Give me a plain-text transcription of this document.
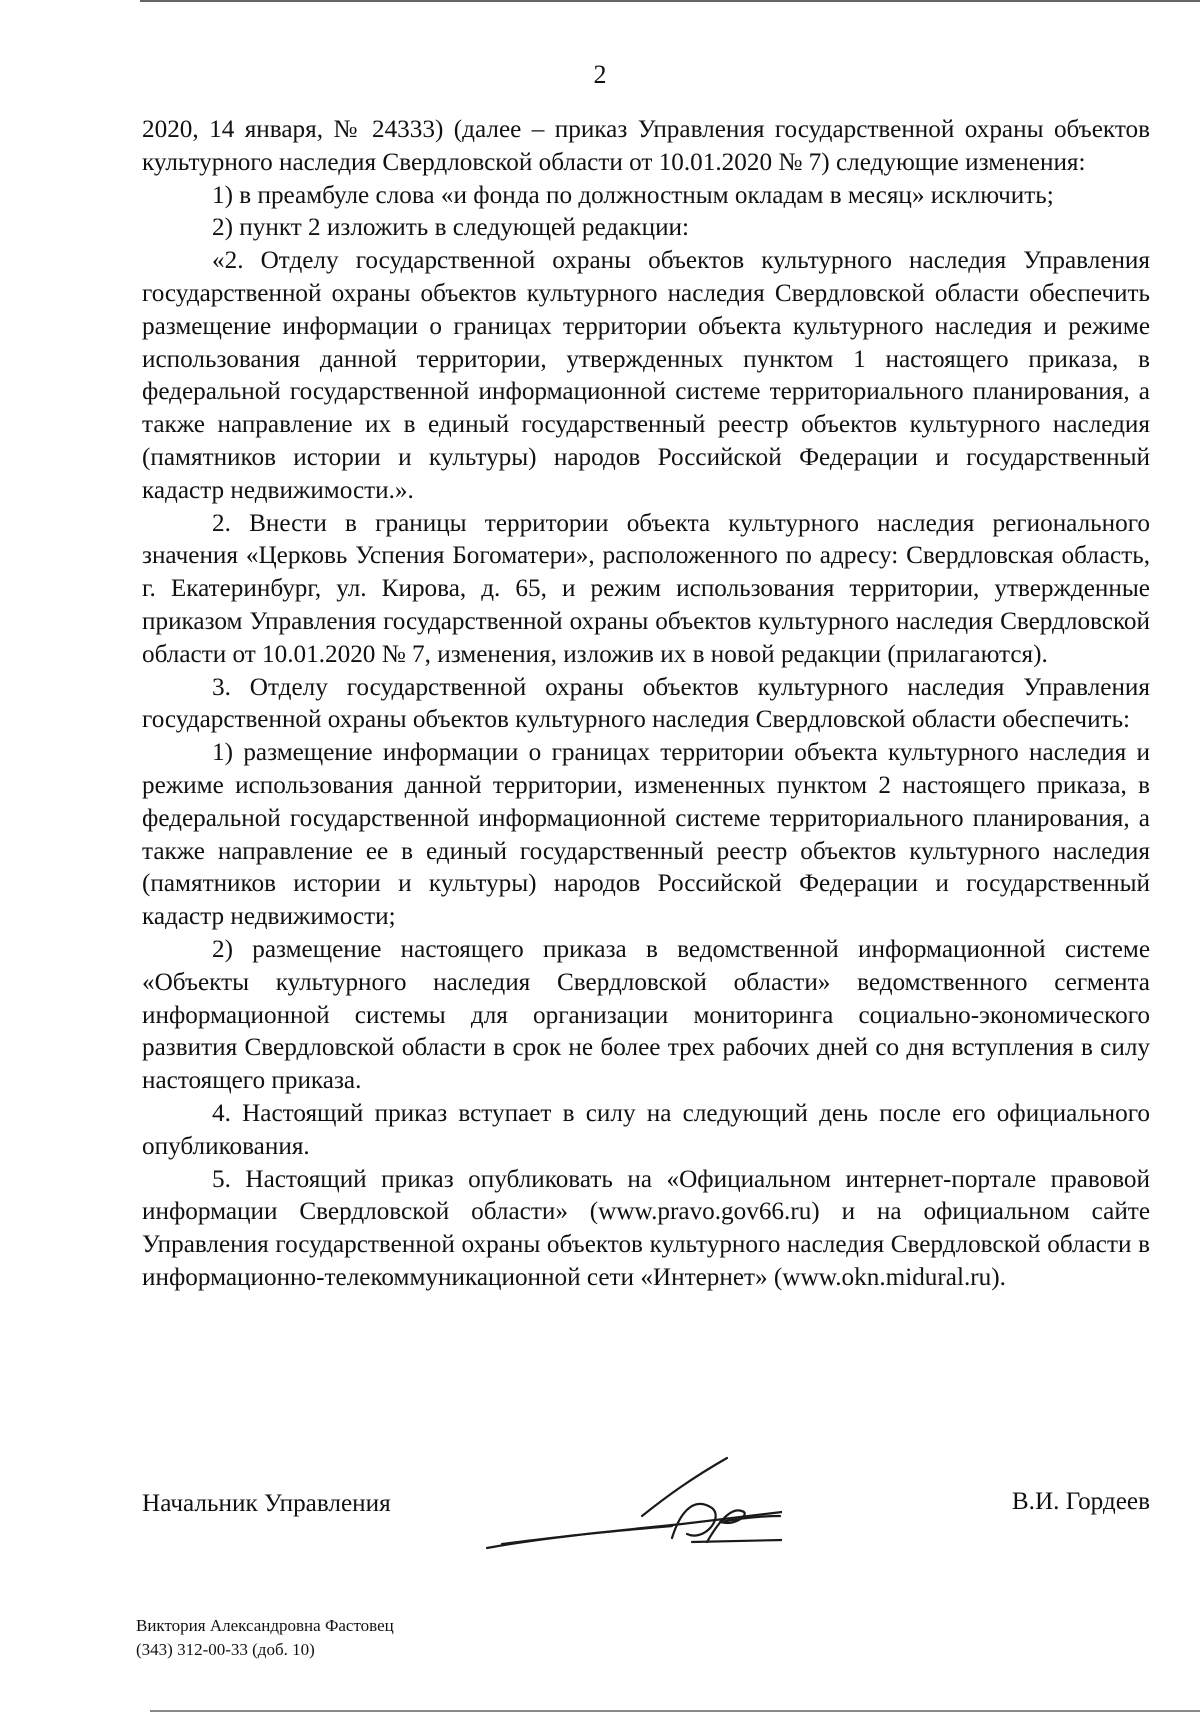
2

2020, 14 января, № 24333) (далее – приказ Управления государственной охраны объектов культурного наследия Свердловской области от 10.01.2020 № 7) следующие изменения:

1) в преамбуле слова «и фонда по должностным окладам в месяц» исключить;

2) пункт 2 изложить в следующей редакции:

«2. Отделу государственной охраны объектов культурного наследия Управления государственной охраны объектов культурного наследия Свердловской области обеспечить размещение информации о границах территории объекта культурного наследия и режиме использования данной территории, утвержденных пунктом 1 настоящего приказа, в федеральной государственной информационной системе территориального планирования, а также направление их в единый государственный реестр объектов культурного наследия (памятников истории и культуры) народов Российской Федерации и государственный кадастр недвижимости.».

2. Внести в границы территории объекта культурного наследия регионального значения «Церковь Успения Богоматери», расположенного по адресу: Свердловская область, г. Екатеринбург, ул. Кирова, д. 65, и режим использования территории, утвержденные приказом Управления государственной охраны объектов культурного наследия Свердловской области от 10.01.2020 № 7, изменения, изложив их в новой редакции (прилагаются).

3. Отделу государственной охраны объектов культурного наследия Управления государственной охраны объектов культурного наследия Свердловской области обеспечить:

1) размещение информации о границах территории объекта культурного наследия и режиме использования данной территории, измененных пунктом 2 настоящего приказа, в федеральной государственной информационной системе территориального планирования, а также направление ее в единый государственный реестр объектов культурного наследия (памятников истории и культуры) народов Российской Федерации и государственный кадастр недвижимости;

2) размещение настоящего приказа в ведомственной информационной системе «Объекты культурного наследия Свердловской области» ведомственного сегмента информационной системы для организации мониторинга социально-экономического развития Свердловской области в срок не более трех рабочих дней со дня вступления в силу настоящего приказа.

4. Настоящий приказ вступает в силу на следующий день после его официального опубликования.

5. Настоящий приказ опубликовать на «Официальном интернет-портале правовой информации Свердловской области» (www.pravo.gov66.ru) и на официальном сайте Управления государственной охраны объектов культурного наследия Свердловской области в информационно-телекоммуникационной сети «Интернет» (www.okn.midural.ru).

Начальник Управления	В.И. Гордеев
Виктория Александровна Фастовец
(343) 312-00-33 (доб. 10)
